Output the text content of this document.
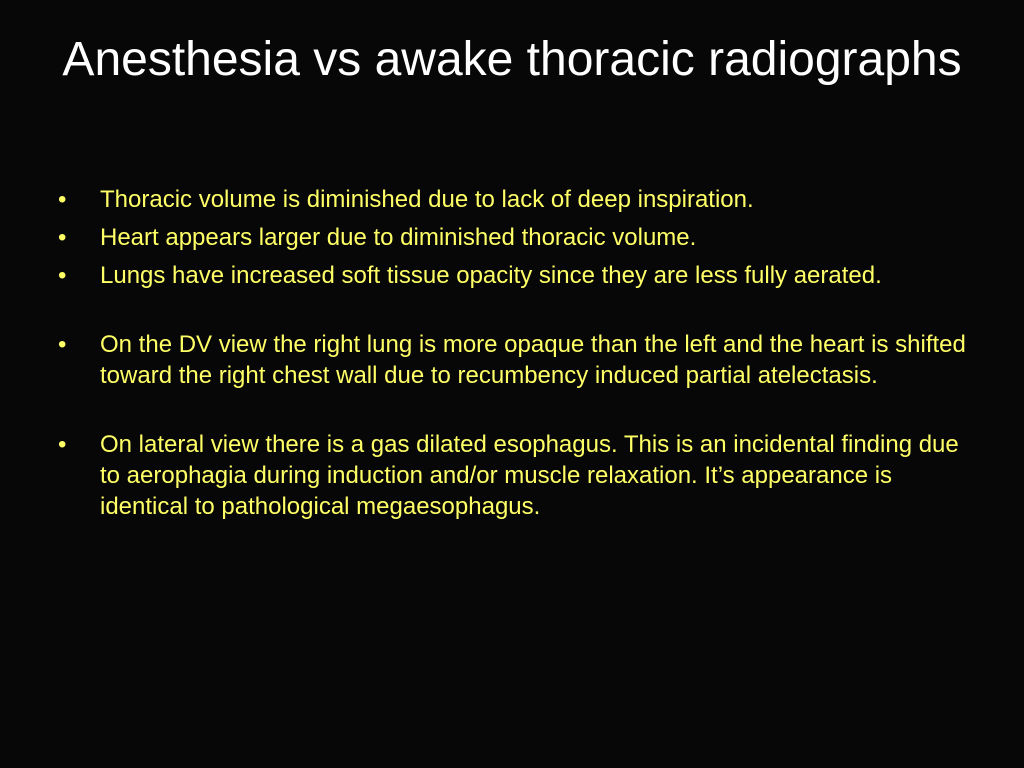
Anesthesia vs awake thoracic radiographs
• Thoracic volume is diminished due to lack of deep inspiration.
• Heart appears larger due to diminished thoracic volume.
• Lungs have increased soft tissue opacity since they are less fully aerated.
• On the DV view the right lung is more opaque than the left and the heart is shifted toward the right chest wall due to recumbency induced partial atelectasis.
• On lateral view there is a gas dilated esophagus. This is an incidental finding due to aerophagia during induction and/or muscle relaxation. It’s appearance is identical to pathological megaesophagus.
